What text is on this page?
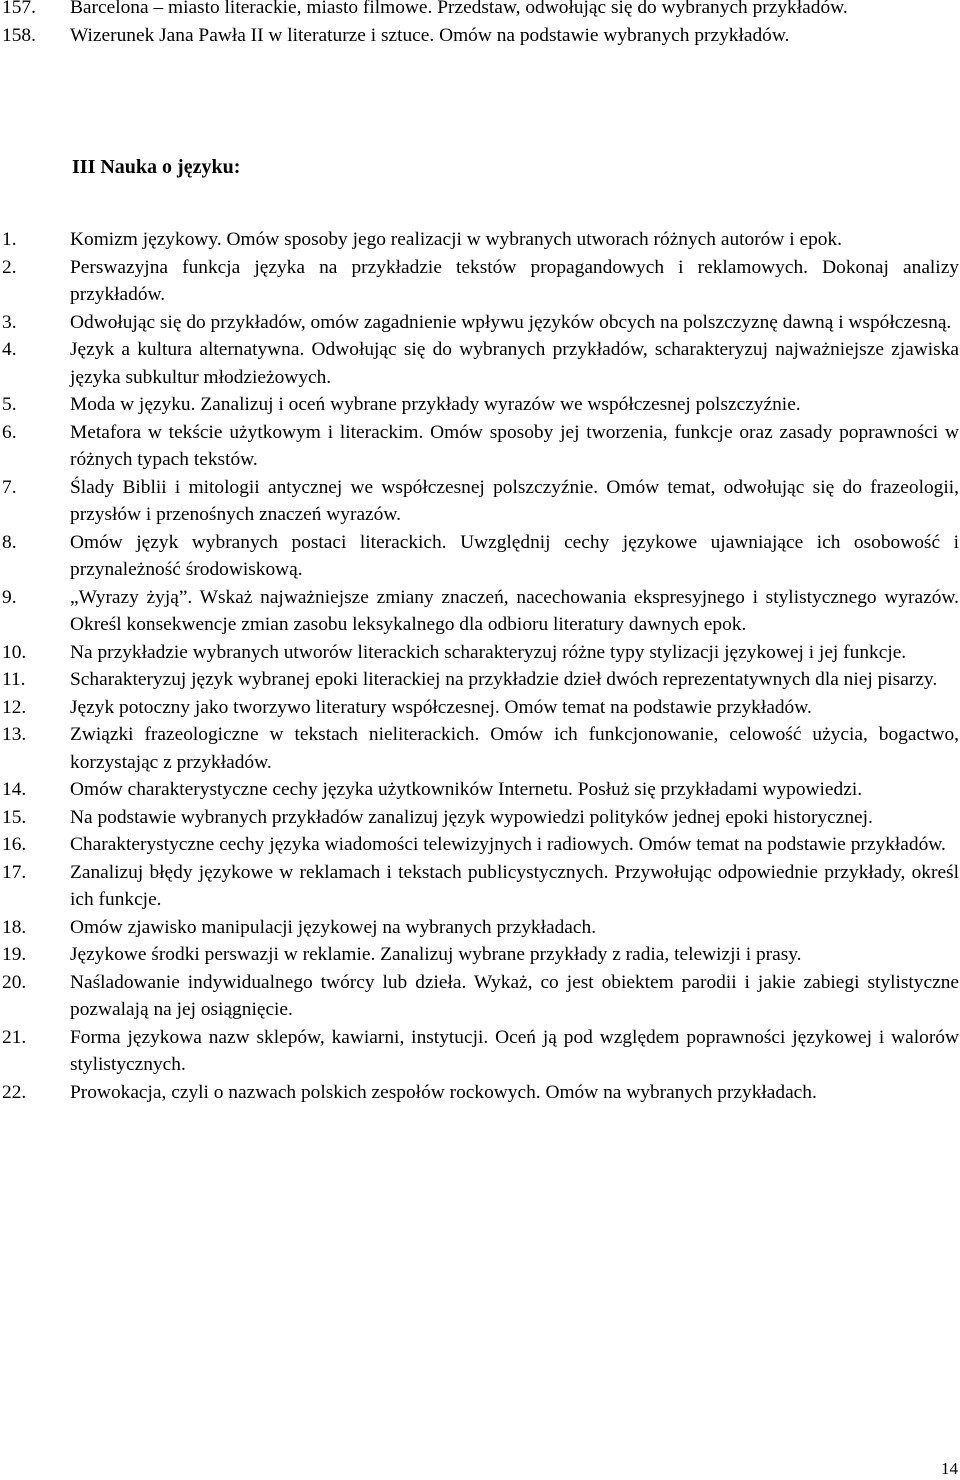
157.	Barcelona – miasto literackie, miasto filmowe. Przedstaw, odwołując się do wybranych przykładów.
158.	Wizerunek Jana Pawła II w literaturze i sztuce. Omów na podstawie wybranych przykładów.
III Nauka o języku:
1.	Komizm językowy. Omów sposoby jego realizacji w wybranych utworach różnych autorów i epok.
2.	Perswazyjna funkcja języka na przykładzie tekstów propagandowych i reklamowych. Dokonaj analizy przykładów.
3.	Odwołując się do przykładów, omów zagadnienie wpływu języków obcych na polszczyznę dawną i współczesną.
4.	Język a kultura alternatywna. Odwołując się do wybranych przykładów, scharakteryzuj najważniejsze zjawiska języka subkultur młodzieżowych.
5.	Moda w języku. Zanalizuj i oceń wybrane przykłady wyrazów we współczesnej polszczyźnie.
6.	Metafora w tekście użytkowym i literackim. Omów sposoby jej tworzenia, funkcje oraz zasady poprawności w różnych typach tekstów.
7.	Ślady Biblii i mitologii antycznej we współczesnej polszczyźnie. Omów temat, odwołując się do frazeologii, przysłów i przenośnych znaczeń wyrazów.
8.	Omów język wybranych postaci literackich. Uwzględnij cechy językowe ujawniające ich osobowość i przynależność środowiskową.
9.	„Wyrazy żyją”. Wskaż najważniejsze zmiany znaczeń, nacechowania ekspresyjnego i stylistycznego wyrazów. Określ konsekwencje zmian zasobu leksykalnego dla odbioru literatury dawnych epok.
10.	Na przykładzie wybranych utworów literackich scharakteryzuj różne typy stylizacji językowej i jej funkcje.
11.	Scharakteryzuj język wybranej epoki literackiej na przykładzie dzieł dwóch reprezentatywnych dla niej pisarzy.
12.	Język potoczny jako tworzywo literatury współczesnej. Omów temat na podstawie przykładów.
13.	Związki frazeologiczne w tekstach nieliterackich. Omów ich funkcjonowanie, celowość użycia, bogactwo, korzystając z przykładów.
14.	Omów charakterystyczne cechy języka użytkowników Internetu. Posłuż się przykładami wypowiedzi.
15.	Na podstawie wybranych przykładów zanalizuj język wypowiedzi polityków jednej epoki historycznej.
16.	Charakterystyczne cechy języka wiadomości telewizyjnych i radiowych. Omów temat na podstawie przykładów.
17.	Zanalizuj błędy językowe w reklamach i tekstach publicystycznych. Przywołując odpowiednie przykłady, określ ich funkcje.
18.	Omów zjawisko manipulacji językowej na wybranych przykładach.
19.	Językowe środki perswazji w reklamie. Zanalizuj wybrane przykłady z radia, telewizji i prasy.
20.	Naśladowanie indywidualnego twórcy lub dzieła. Wykaż, co jest obiektem parodii i jakie zabiegi stylistyczne pozwalają na jej osiągnięcie.
21.	Forma językowa nazw sklepów, kawiarni, instytucji. Oceń ją pod względem poprawności językowej i walorów stylistycznych.
22.	Prowokacja, czyli o nazwach polskich zespołów rockowych. Omów na wybranych przykładach.
14
